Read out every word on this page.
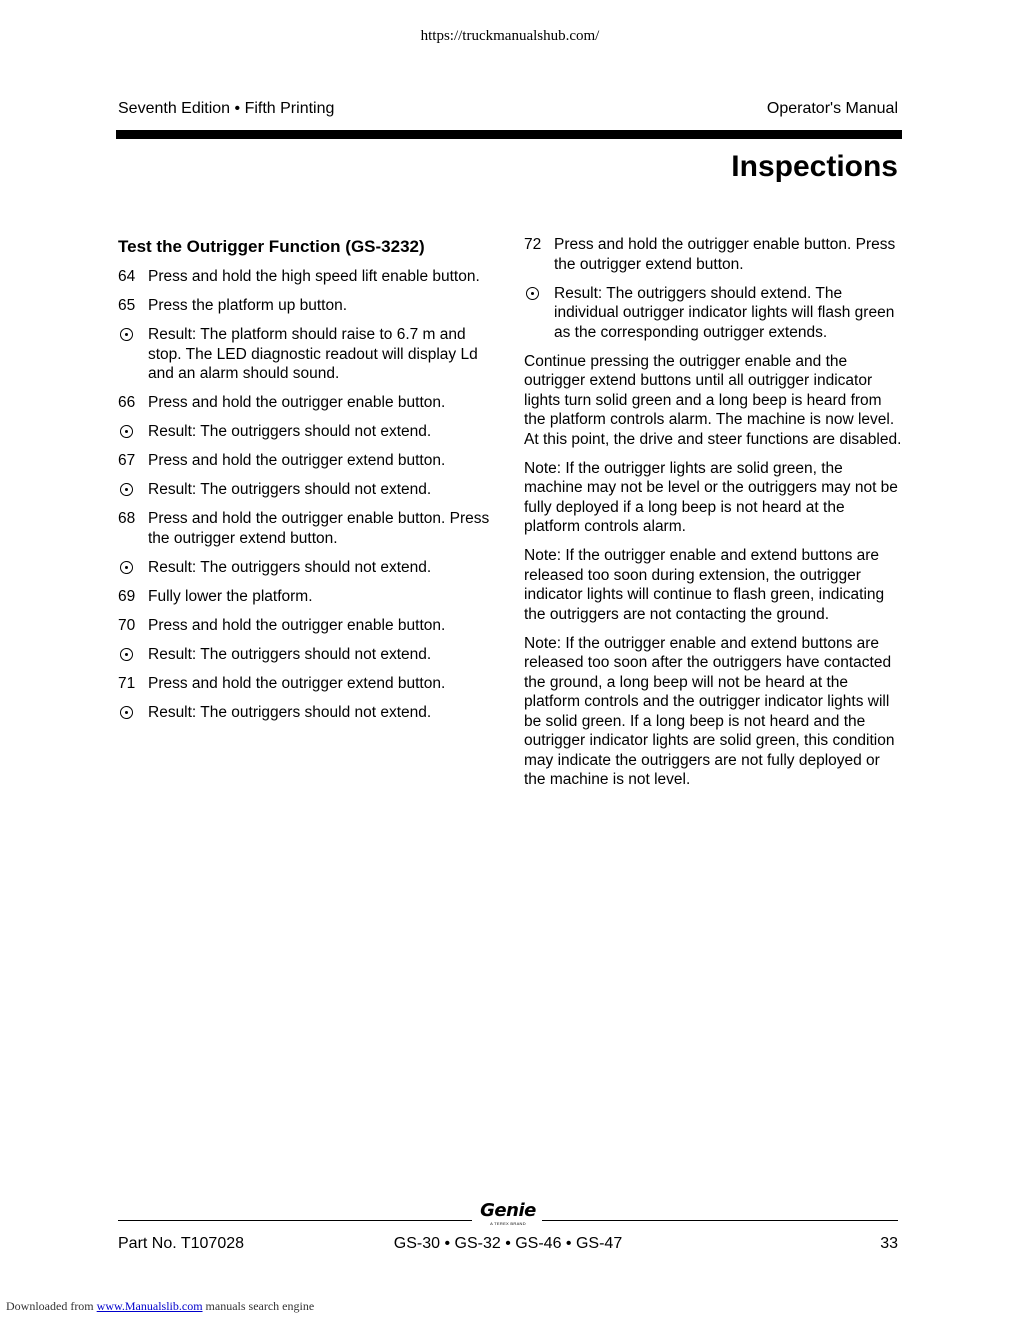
https://truckmanualshub.com/
Seventh Edition • Fifth Printing	Operator's Manual
Inspections
Test the Outrigger Function (GS-3232)
64 Press and hold the high speed lift enable button.
65 Press the platform up button.
Result: The platform should raise to 6.7 m and stop. The LED diagnostic readout will display Ld and an alarm should sound.
66 Press and hold the outrigger enable button.
Result: The outriggers should not extend.
67 Press and hold the outrigger extend button.
Result: The outriggers should not extend.
68 Press and hold the outrigger enable button. Press the outrigger extend button.
Result: The outriggers should not extend.
69 Fully lower the platform.
70 Press and hold the outrigger enable button.
Result: The outriggers should not extend.
71 Press and hold the outrigger extend button.
Result: The outriggers should not extend.
72 Press and hold the outrigger enable button. Press the outrigger extend button.
Result: The outriggers should extend. The individual outrigger indicator lights will flash green as the corresponding outrigger extends.
Continue pressing the outrigger enable and the outrigger extend buttons until all outrigger indicator lights turn solid green and a long beep is heard from the platform controls alarm. The machine is now level. At this point, the drive and steer functions are disabled.
Note: If the outrigger lights are solid green, the machine may not be level or the outriggers may not be fully deployed if a long beep is not heard at the platform controls alarm.
Note: If the outrigger enable and extend buttons are released too soon during extension, the outrigger indicator lights will continue to flash green, indicating the outriggers are not contacting the ground.
Note: If the outrigger enable and extend buttons are released too soon after the outriggers have contacted the ground, a long beep will not be heard at the platform controls and the outrigger indicator lights will be solid green. If a long beep is not heard and the outrigger indicator lights are solid green, this condition may indicate the outriggers are not fully deployed or the machine is not level.
Genie
A TEREX BRAND
Part No. T107028	GS-30 • GS-32 • GS-46 • GS-47	33
Downloaded from www.Manualslib.com manuals search engine
